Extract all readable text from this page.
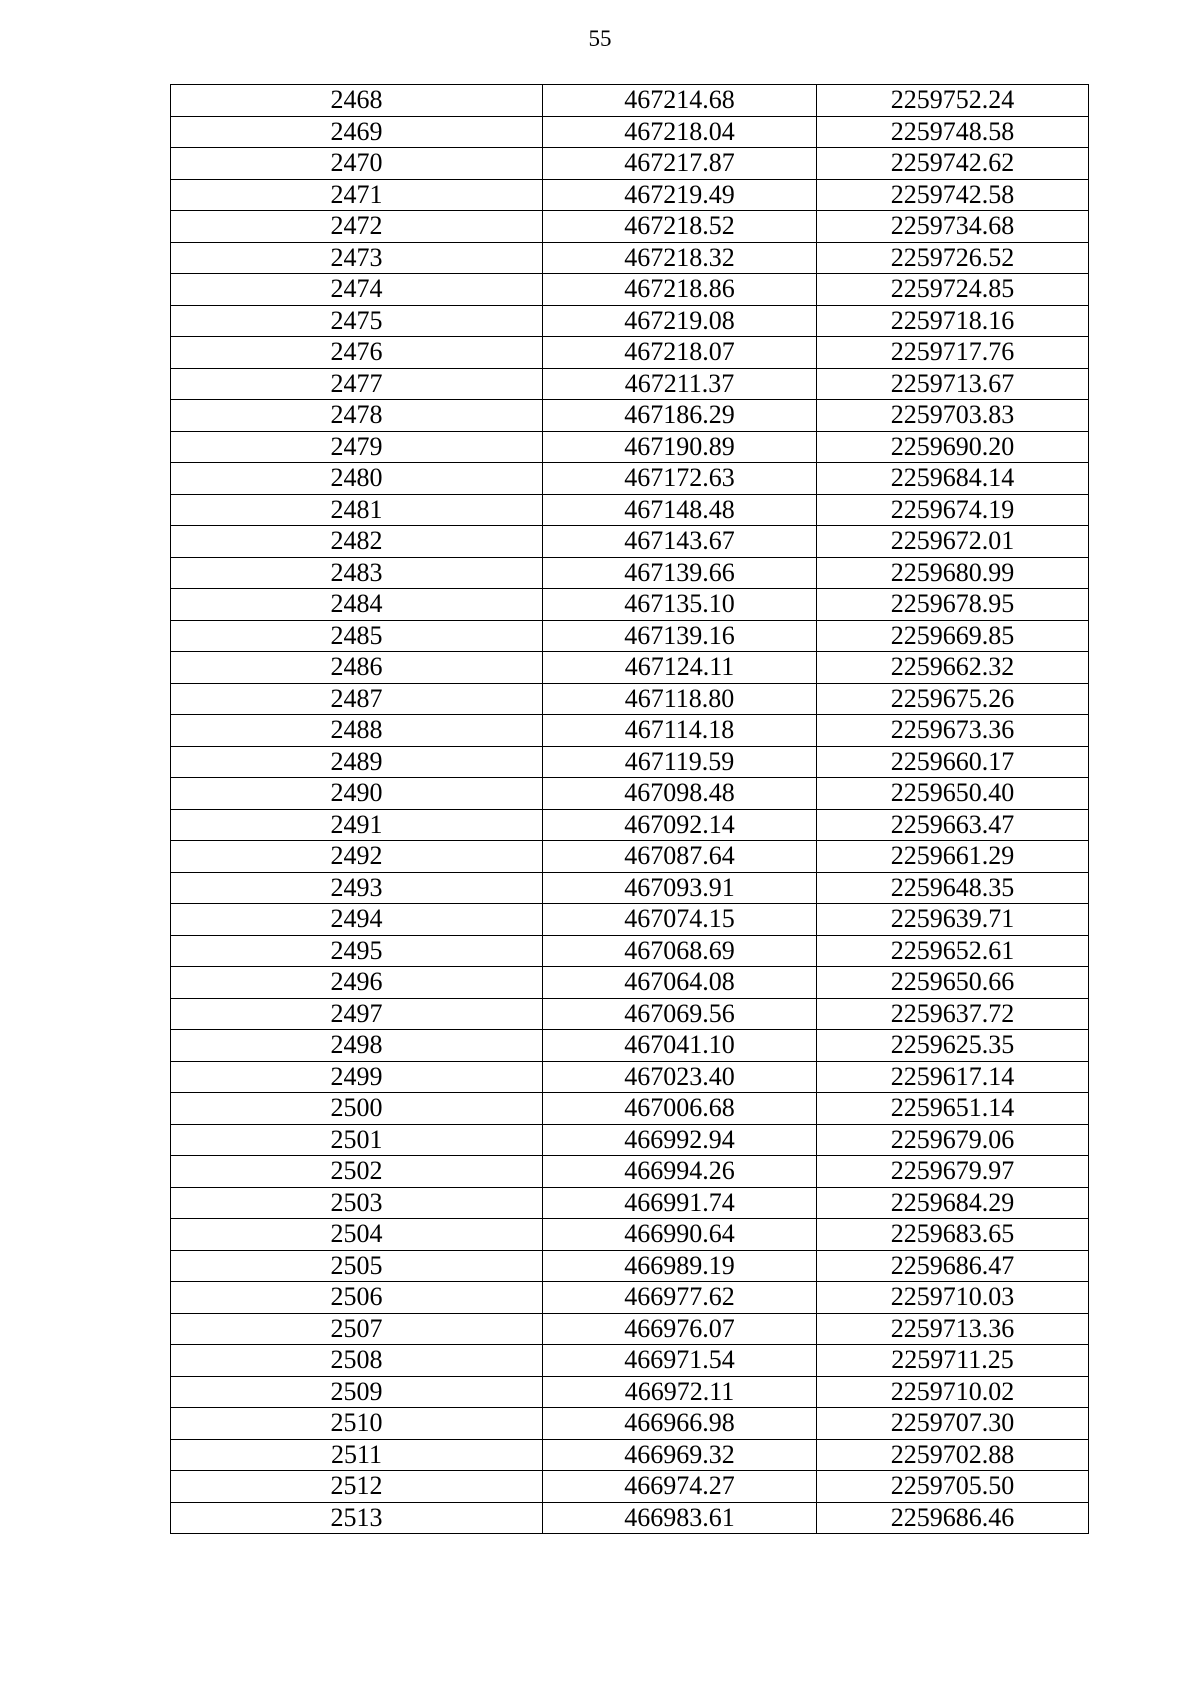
55
2468	467214.68	2259752.24
2469	467218.04	2259748.58
2470	467217.87	2259742.62
2471	467219.49	2259742.58
2472	467218.52	2259734.68
2473	467218.32	2259726.52
2474	467218.86	2259724.85
2475	467219.08	2259718.16
2476	467218.07	2259717.76
2477	467211.37	2259713.67
2478	467186.29	2259703.83
2479	467190.89	2259690.20
2480	467172.63	2259684.14
2481	467148.48	2259674.19
2482	467143.67	2259672.01
2483	467139.66	2259680.99
2484	467135.10	2259678.95
2485	467139.16	2259669.85
2486	467124.11	2259662.32
2487	467118.80	2259675.26
2488	467114.18	2259673.36
2489	467119.59	2259660.17
2490	467098.48	2259650.40
2491	467092.14	2259663.47
2492	467087.64	2259661.29
2493	467093.91	2259648.35
2494	467074.15	2259639.71
2495	467068.69	2259652.61
2496	467064.08	2259650.66
2497	467069.56	2259637.72
2498	467041.10	2259625.35
2499	467023.40	2259617.14
2500	467006.68	2259651.14
2501	466992.94	2259679.06
2502	466994.26	2259679.97
2503	466991.74	2259684.29
2504	466990.64	2259683.65
2505	466989.19	2259686.47
2506	466977.62	2259710.03
2507	466976.07	2259713.36
2508	466971.54	2259711.25
2509	466972.11	2259710.02
2510	466966.98	2259707.30
2511	466969.32	2259702.88
2512	466974.27	2259705.50
2513	466983.61	2259686.46
